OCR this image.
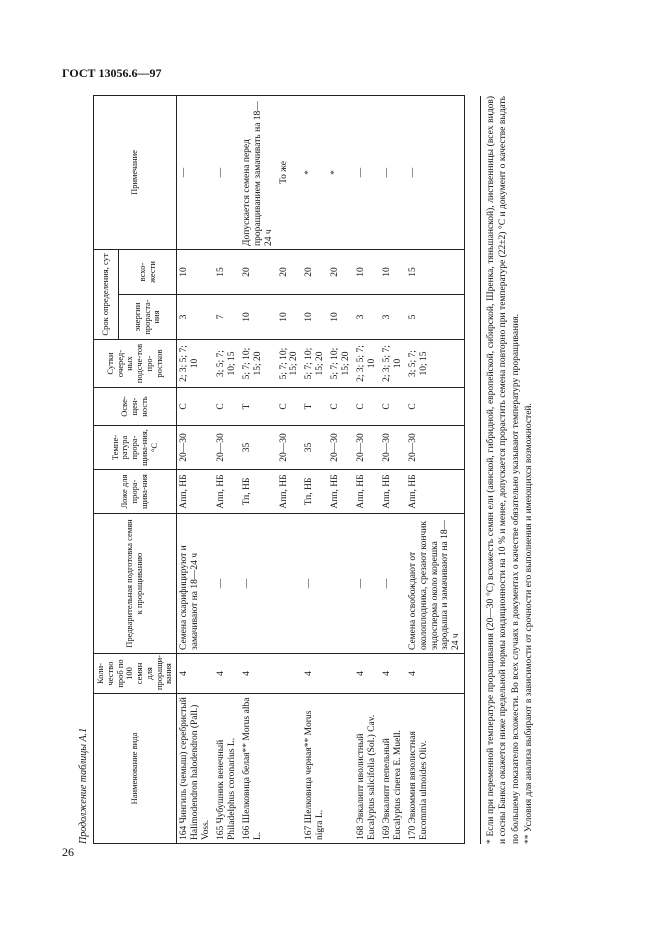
ГОСТ 13056.6—97
26
Продолжение таблицы А.1	Наименование вида	Коли-чество проб по 100 семян для проращи-вания	Предварительная подготовка семян к проращиванию	Ложе для прора-щива-ния	Темпе-ратура прора-щива-ния, °С	Осве-щен-ность	Сутки очеред-ных подсче-тов про-ростков	Срок определения, сут		Примечание
							энергии прораста-ния	всхо-жести	
164 Чингиль (чемыш) серебристый Halimodendron halodendron (Pall.) Voss.	4	Семена скарифицируют и замачивают на 18—24 ч	Апп, НБ	20—30	С	2; 3; 5; 7; 10	3	10	—
165 Чубушник венечный Philadelphus coronarius L.	4	—	Апп, НБ	20—30	С	3; 5; 7; 10; 15	7	15	—
166 Шелковица белая** Morus alba L.	4	—	Тп, НБ	35	Т	5; 7; 10; 15; 20	10	20	Допускается семена перед проращиванием замачивать на 18—24 ч
			Апп, НБ	20—30	С	5; 7; 10; 15; 20	10	20	То же
167 Шелковица черная** Morus nigra L.	4	—	Тп, НБ	35	Т	5; 7; 10; 15; 20	10	20	*
			Апп, НБ	20—30	С	5; 7; 10; 15; 20	10	20	*
168 Эвкалипт иволистный Eucalyptus salicifolia (Sol.) Cav.	4	—	Апп, НБ	20—30	С	2; 3; 5; 7; 10	3	10	—
169 Эвкалипт пепельный Eucalyptus cinerea E. Muell.	4	—	Апп, НБ	20—30	С	2; 3; 5; 7; 10	3	10	—
170 Эвкоммия вязолистная Eucommia ulmoides Oliv.	4	Семена освобождают от околоплодника, срезают кончик эндосперма около корешка зародыша и замачивают на 18—24 ч	Апп, НБ	20—30	С	3; 5; 7; 10; 15	5	15	—	* Если при переменной температуре проращивания (20—30 °С) всхожесть семян ели (аянской, гибридной, европейской, сибирской, Шренка, тяньшанской), лиственницы (всех видов) и сосны Банкса окажется ниже предельной нормы кондиционности на 10 % и менее, допускается прорастить семена повторно при температуре (22±2) °С и документ о качестве выдать по большему показателю всхожести. Во всех случаях в документах о качестве обязательно указывают температуру проращивания. ** Условия для анализа выбирают в зависимости от срочности его выполнения и имеющихся возможностей.
